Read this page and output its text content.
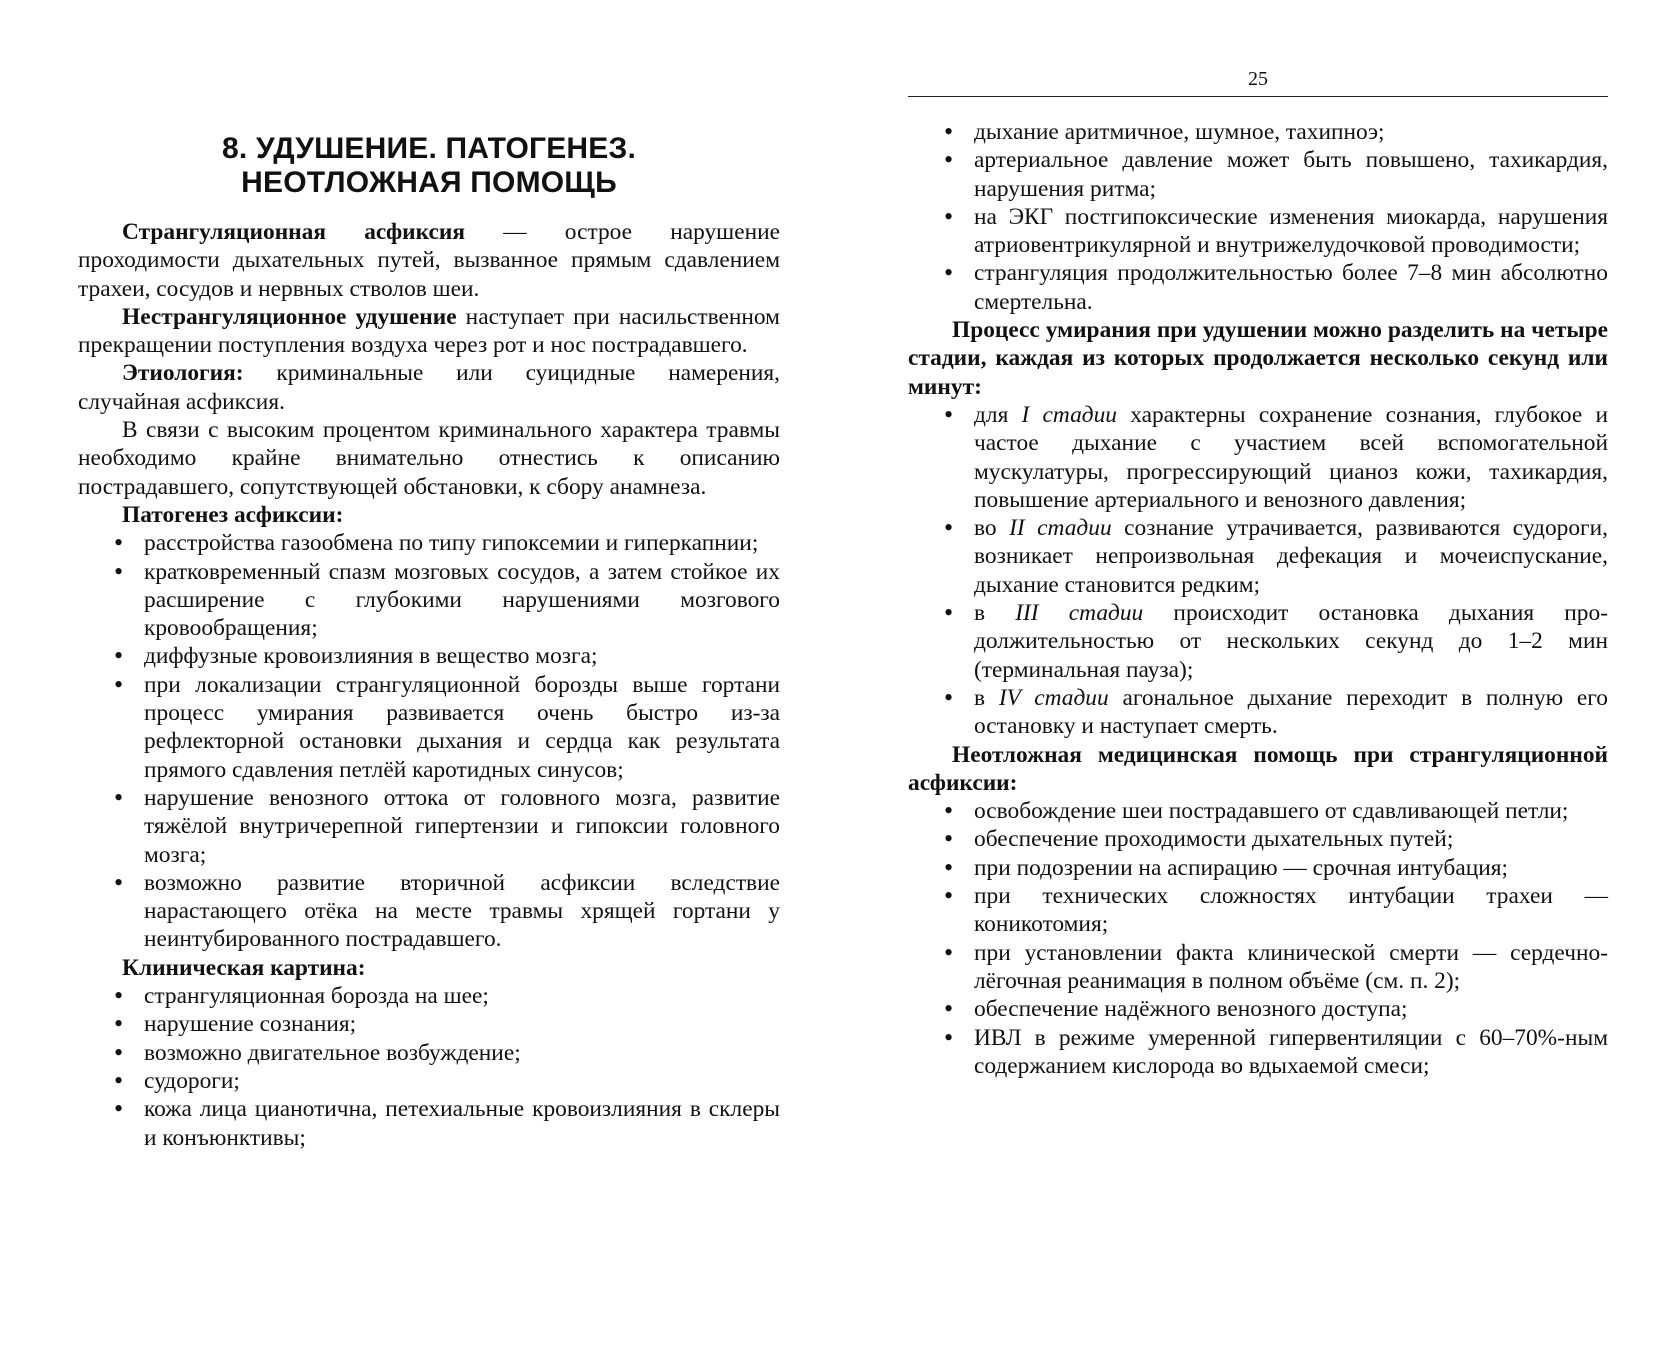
8. УДУШЕНИЕ. ПАТОГЕНЕЗ.
НЕОТЛОЖНАЯ ПОМОЩЬ

Странгуляционная асфиксия — острое нарушение проходимости дыхательных путей, вызванное прямым сдавлением трахеи, сосудов и нервных стволов шеи.

Нестрангуляционное удушение наступает при насильственном прекращении поступления воздуха через рот и нос пострадавшего.

Этиология: криминальные или суицидные намерения, случайная асфиксия.

В связи с высоким процентом криминального характера травмы необходимо крайне внимательно отнестись к описанию пострадавшего, сопутствующей обстановки, к сбору анамнеза.

Патогенез асфиксии:

• расстройства газообмена по типу гипоксемии и гиперкапнии;
• кратковременный спазм мозговых сосудов, а затем стойкое их расширение с глубокими нарушениями мозгового кровообращения;
• диффузные кровоизлияния в вещество мозга;
• при локализации странгуляционной борозды выше гортани процесс умирания развивается очень быстро из-за рефлекторной остановки дыхания и сердца как результата прямого сдавления петлёй каротидных синусов;
• нарушение венозного оттока от головного мозга, развитие тяжёлой внутричерепной гипертензии и гипоксии головного мозга;
• возможно развитие вторичной асфиксии вследствие нарастающего отёка на месте травмы хрящей гортани у неинтубированного пострадавшего.

Клиническая картина:

• странгуляционная борозда на шее;
• нарушение сознания;
• возможно двигательное возбуждение;
• судороги;
• кожа лица цианотична, петехиальные кровоизлияния в склеры и конъюнктивы;
25
• дыхание аритмичное, шумное, тахипноэ;
• артериальное давление может быть повышено, тахикардия, нарушения ритма;
• на ЭКГ постгипоксические изменения миокарда, нарушения атриовентрикулярной и внутрижелудочковой проводимости;
• странгуляция продолжительностью более 7–8 мин абсолютно смертельна.

Процесс умирания при удушении можно разделить на четыре стадии, каждая из которых продолжается несколько секунд или минут:

• для I стадии характерны сохранение сознания, глубокое и частое дыхание с участием всей вспомогательной мускулатуры, прогрессирующий цианоз кожи, тахикардия, повышение артериального и венозного давления;
• во II стадии сознание утрачивается, развиваются судороги, возникает непроизвольная дефекация и мочеиспускание, дыхание становится редким;
• в III стадии происходит остановка дыхания продолжительностью от нескольких секунд до 1–2 мин (терминальная пауза);
• в IV стадии агональное дыхание переходит в полную его остановку и наступает смерть.

Неотложная медицинская помощь при странгуляционной асфиксии:

• освобождение шеи пострадавшего от сдавливающей петли;
• обеспечение проходимости дыхательных путей;
• при подозрении на аспирацию — срочная интубация;
• при технических сложностях интубации трахеи — коникотомия;
• при установлении факта клинической смерти — сердечно-лёгочная реанимация в полном объёме (см. п. 2);
• обеспечение надёжного венозного доступа;
• ИВЛ в режиме умеренной гипервентиляции с 60–70%-ным содержанием кислорода во вдыхаемой смеси;
